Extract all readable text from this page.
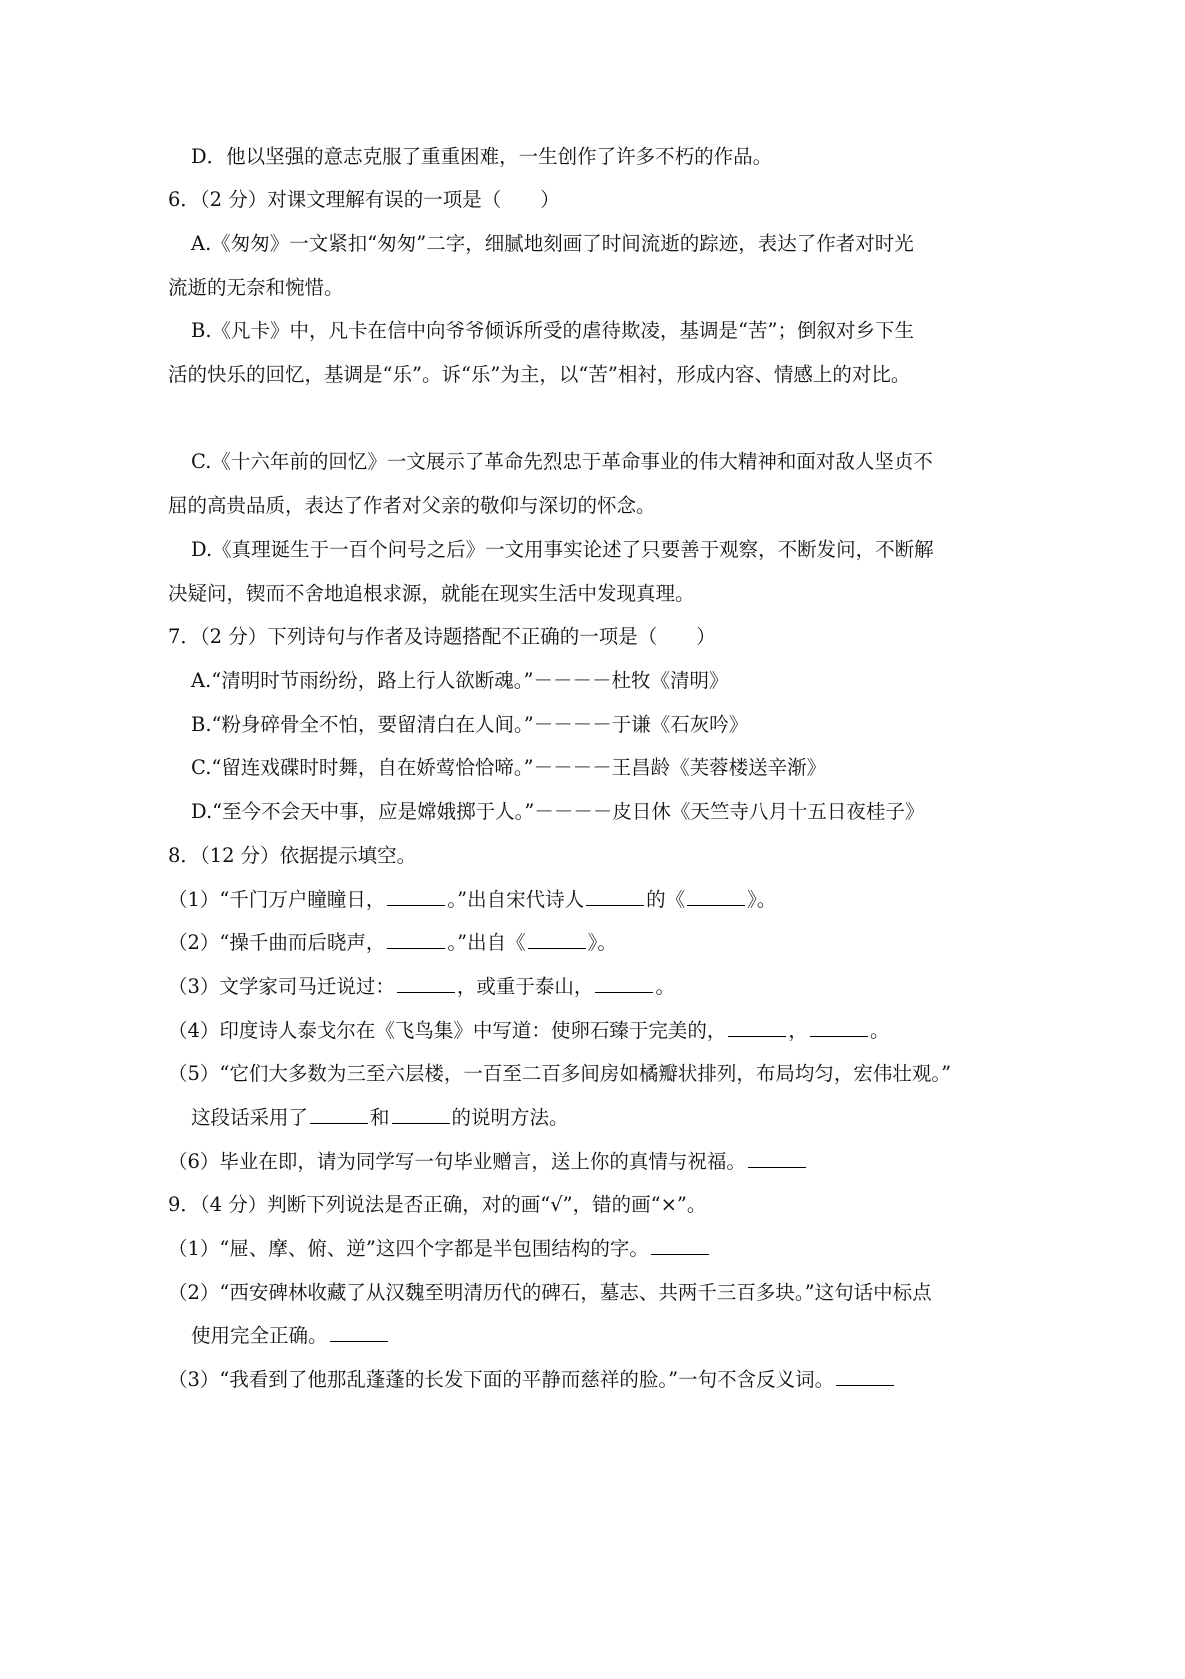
D．他以坚强的意志克服了重重困难，一生创作了许多不朽的作品。
6．（2 分）对课文理解有误的一项是（　　）
A.《匆匆》一文紧扣“匆匆”二字，细腻地刻画了时间流逝的踪迹，表达了作者对时光
流逝的无奈和惋惜。
B.《凡卡》中，凡卡在信中向爷爷倾诉所受的虐待欺凌，基调是“苦”；倒叙对乡下生
活的快乐的回忆，基调是“乐”。诉“乐”为主，以“苦”相衬，形成内容、情感上的对比。
C.《十六年前的回忆》一文展示了革命先烈忠于革命事业的伟大精神和面对敌人坚贞不
屈的高贵品质，表达了作者对父亲的敬仰与深切的怀念。
D.《真理诞生于一百个问号之后》一文用事实论述了只要善于观察，不断发问，不断解
决疑问，锲而不舍地追根求源，就能在现实生活中发现真理。
7．（2 分）下列诗句与作者及诗题搭配不正确的一项是（　　）
A.“清明时节雨纷纷，路上行人欲断魂。”－－－－杜牧《清明》
B.“粉身碎骨全不怕，要留清白在人间。”－－－－于谦《石灰吟》
C.“留连戏碟时时舞，自在娇莺恰恰啼。”－－－－王昌龄《芙蓉楼送辛渐》
D.“至今不会天中事，应是嫦娥掷于人。”－－－－皮日休《天竺寺八月十五日夜桂子》
8．（12 分）依据提示填空。
（1）“千门万户瞳瞳日，	。”出自宋代诗人	的《	》。
（2）“操千曲而后晓声，	。”出自《	》。
（3）文学家司马迁说过：	，或重于泰山，	。
（4）印度诗人泰戈尔在《飞鸟集》中写道：使卵石臻于完美的，	，	。
（5）“它们大多数为三至六层楼，一百至二百多间房如橘瓣状排列，布局均匀，宏伟壮观。”
这段话采用了	和	的说明方法。
（6）毕业在即，请为同学写一句毕业赠言，送上你的真情与祝福。
9．（4 分）判断下列说法是否正确，对的画“√”，错的画“×”。
（1）“屉、摩、俯、逆”这四个字都是半包围结构的字。
（2）“西安碑林收藏了从汉魏至明清历代的碑石，墓志、共两千三百多块。”这句话中标点
使用完全正确。
（3）“我看到了他那乱蓬蓬的长发下面的平静而慈祥的脸。”一句不含反义词。
